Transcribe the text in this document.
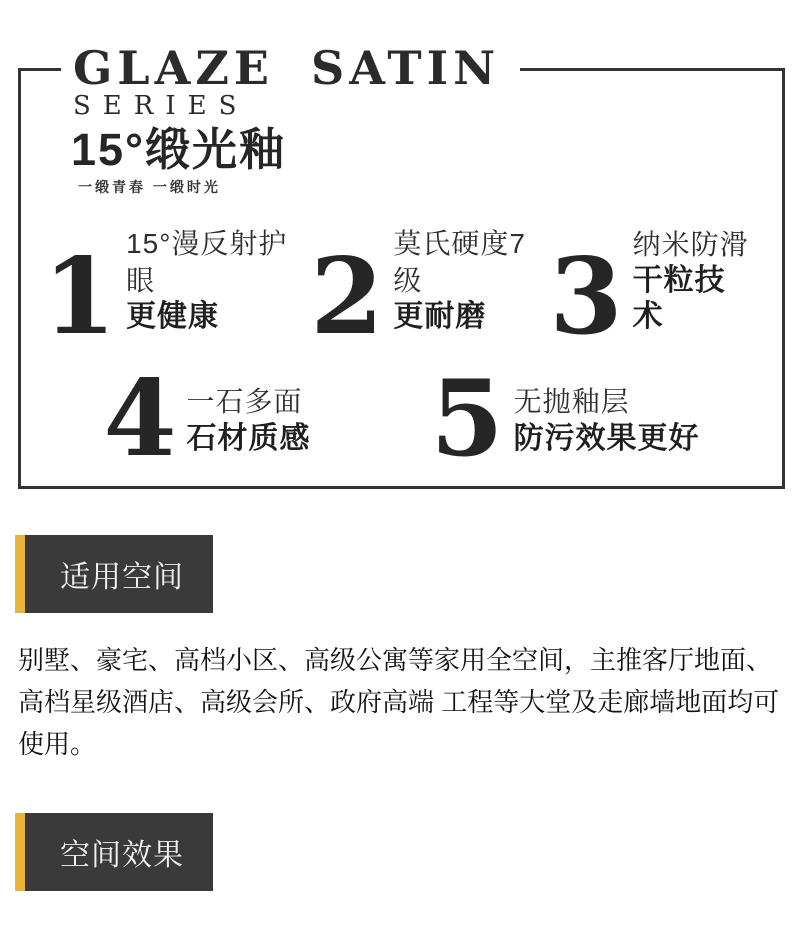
GLAZE SATIN
SERIES
15°缎光釉
一缎青春 一缎时光
1 15°漫反射护眼
更健康 2 莫氏硬度7级
更耐磨 3 纳米防滑
干粒技术
4 一石多面
石材质感 5 无抛釉层
防污效果更好
适用空间

别墅、豪宅、高档小区、高级公寓等家用全空间，主推客厅地面、高档星级酒店、高级会所、政府高端 工程等大堂及走廊墙地面均可使用。

空间效果
